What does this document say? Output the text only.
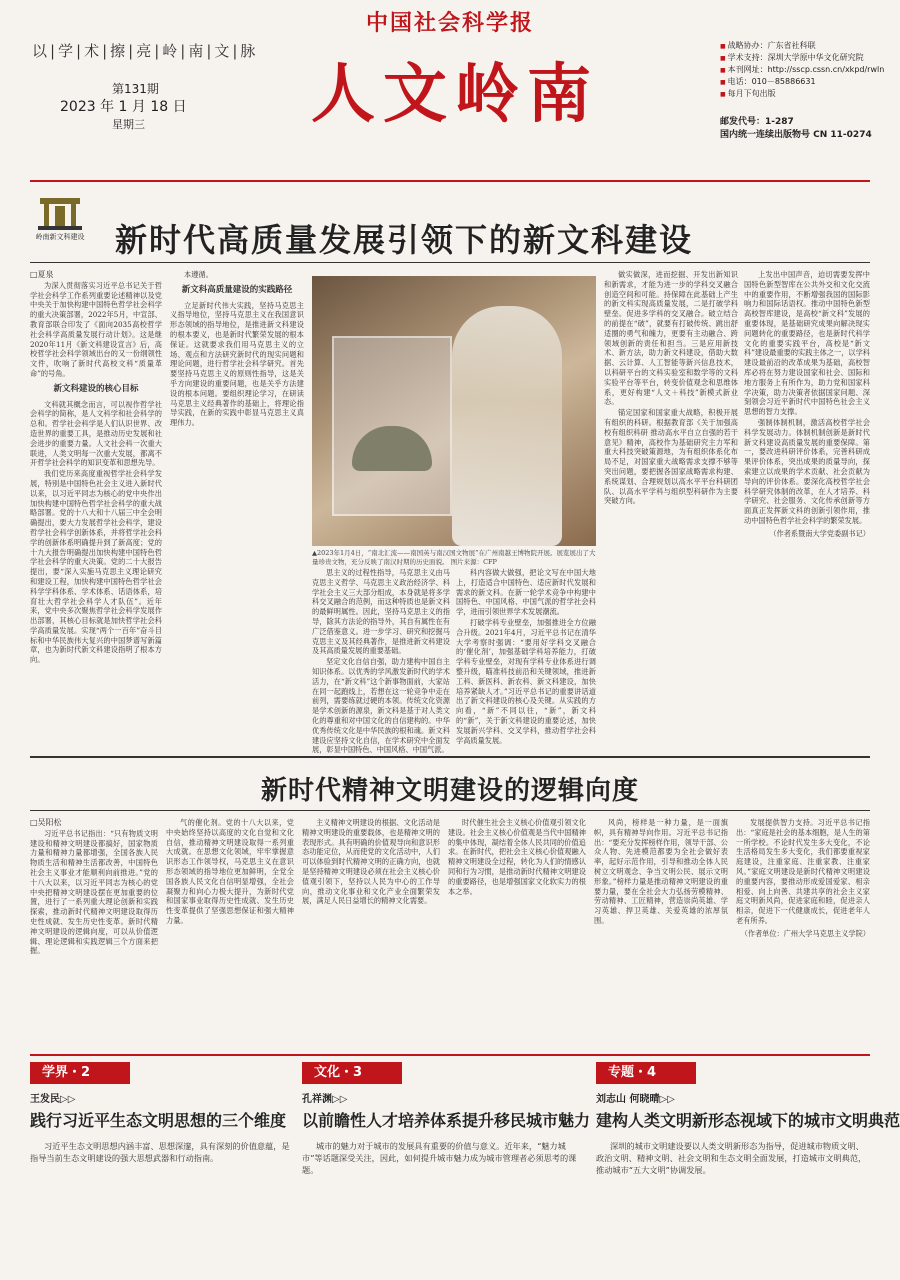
中国社会科学报
以|学|术|擦|亮|岭|南|文|脉
第131期
2023 年 1 月 18 日
星期三	人文岭南
■ 战略协办：广东省社科联
■ 学术支持：深圳大学原中华文化研究院
■ 本刊网址：http://sscp.cssn.cn/xkpd/rwln
■ 电话：010－85886631
■ 每月下旬出版
邮发代号：1-287
国内统一连续出版物号 CN 11-0274
岭南新文科建设 新时代高质量发展引领下的新文科建设

□夏泉

为深入贯彻落实习近平总书记关于哲学社会科学工作系列重要论述精神以及党中央关于加快构建中国特色哲学社会科学的重大决策部署，2022年5月，中宣部、教育部联合印发了《面向2035高校哲学社会科学高质量发展行动计划》。这是继2020年11月《新文科建设宣言》后，高校哲学社会科学领域出台的又一份纲领性文件，吹响了新时代高校文科“质量革命”的号角。

新文科建设的核心目标

文科就其概念而言，可以视作哲学社会科学的简称，是人文科学和社会科学的总和。哲学社会科学是人们认识世界、改造世界的重要工具，是推动历史发展和社会进步的重要力量。人文社会科一次重大联进，人类文明每一次重大发展，都离不开哲学社会科学的知识变革和思想先导。

我们党历来高度重视哲学社会科学发展，特别是中国特色社会主义进入新时代以来，以习近平同志为核心的党中央作出加快构建中国特色哲学社会科学的重大战略部署。党的十八大和十八届三中全会明确提出，要大力发展哲学社会科学，建设哲学社会科学创新体系，并将哲学社会科学的创新体系明确提升到了新高度；党的十九大报告明确提出加快构建中国特色哲学社会科学的重大决策。党的二十大报告提出，要“深入实施马克思主义理论研究和建设工程，加快构建中国特色哲学社会科学学科体系、学术体系、话语体系，培育壮大哲学社会科学人才队伍”。近年来，党中央多次聚焦哲学社会科学发展作出部署，其核心目标就是加快哲学社会科学高质量发展。实现“两个一百年”奋斗目标和中华民族伟大复兴的中国梦谱写新篇章，也为新时代新文科建设指明了根本方向。

本遵循。

新文科高质量建设的实践路径

立足新时代伟大实践，坚持马克思主义指导地位，坚持马克思主义在我国意识形态领域的指导地位，是推进新文科建设的根本要义，也是新时代繁荣发展的根本保证。这就要求我们用马克思主义的立场、观点和方法研究新时代的现实问题和理论问题，进行哲学社会科学研究。首先要坚持马克思主义的原则性指导，这是关乎方向建设的重要问题，也是关乎方法建设的根本问题。要组织理论学习，在研读马克思主义经典著作的基础上，将理论指导实践，在新的实践中彰显马克思主义真理伟力。

▲2023年1月4日，“南北汇流——南国英与南汉国文物展”在广州南越王博物院开展。展览展出了大量珍贵文物，充分反映了南汉时期的历史面貌。 图片来源：CFP

思主义的过程性指导，马克思主义由马克思主义哲学、马克思主义政治经济学、科学社会主义三大部分组成，本身就是将多学科交叉融合的范例，而这种特质也是新文科的最鲜明属性。因此，坚持马克思主义的指导，除其方法论的指导外，其自有属性在有广泛借鉴意义。进一步学习、研究和挖掘马克思主义及其经典著作，是推进新文科建设及其高质量发展的重要基础。

坚定文化自信自强，助力建构中国自主知识体系。以优秀的学风激发新时代的学术活力，在“新文科”这个新事物面前，大家站在同一起跑线上，若想在这一轮竞争中走在前列，需要练就过硬的本领。传统文化资源是学术创新的源泉，新文科是基于对人类文化的尊重和对中国文化的自信建构的。中华优秀传统文化是中华民族的根和魂。新文科建设应坚持文化自信，在学术研究中全面发展，彰显中国特色、中国风格、中国气派。

科内容做大做强，把论文写在中国大地上，打造适合中国特色、适应新时代发展和需求的新文科。在新一轮学术竞争中构建中国特色、中国风格、中国气派的哲学社会科学，进而引领世界学术发展潮流。

打破学科专业壁垒，加强推进全方位融合升级。2021年4月，习近平总书记在清华大学考察时强调：“要用好学科交叉融合的‘催化剂’，加强基础学科培养能力，打破学科专业壁垒，对现有学科专业体系进行调整升级，瞄准科技前沿和关键领域，推进新工科、新医科、新农科、新文科建设，加快培养紧缺人才。”习近平总书记的重要讲话道出了新文科建设的核心及关键。从实践的方向看，“新”不同以往，“新”，新文科的“新”，关于新文科建设的重要论述，加快发展新兴学科、交叉学科，推动哲学社会科学高质量发展。

做实做深，进而挖掘、开发出新知识和新需求，才能为进一步的学科交叉融合创造空间和可能。持保障在此基础上产生的新文科实现高质量发展，二是打破学科壁垒。促进多学科的交叉融合。破立结合的前提在“破”，就要有打破传统、跳出舒适圈的勇气和魄力，更要有主动融合、跨领域创新的责任和担当。三是应用新技术、新方法，助力新文科建设，借助大数据、云计算、人工智能等新兴信息技术，以科研平台的文科实验室和数学等的文科实验平台等平台，转变价值观念和思维体系，更好构建“人文＋科技”新模式新业态。

锚定国家和国家重大战略，积极开展有组织的科研。根据教育部《关于加强高校有组织科研 推动高水平自立自强的若干意见》精神，高校作为基础研究主力军和重大科技突破策源地，为有组织体系化布局不足，对国家重大战略需求支撑不够等突出问题，要把握各国家战略需求构建、系统谋划、合理规划以高水平平台科研团队、以高水平学科与组织型科研作为主要突破方向。

上发出中国声音，迫切需要发挥中国特色新型智库在公共外交和文化交流中的重要作用，不断增强我国的国际影响力和国际话语权。推动中国特色新型高校智库建设，是高校“新文科”发展的重要体现，是基础研究成果向解决现实问题转化的重要路径，也是新时代科学文化的重要实践平台，高校是“新文科”建设最重要的实践主体之一，以学科建设最前沿的改革成果为基础，高校智库必将在努力建设国家和社会、国际和地方服务上有所作为，助力党和国家科学决策，助力决策者依据国家问题、深刻领会习近平新时代中国特色社会主义思想的智力支撑。

强制体制机制，激活高校哲学社会科学发展动力。体制机制创新是新时代新文科建设高质量发展的重要保障。第一，要改进科研评价体系，完善科研成果评价体系，突出成果的质量导向，探索建立以成果的学术贡献、社会贡献为导向的评价体系。要深化高校哲学社会科学研究体制的改革，在人才培养、科学研究、社会服务、文化传承创新等方面真正发挥新文科的创新引领作用，推动中国特色哲学社会科学的繁荣发展。

（作者系暨南大学党委副书记）

新时代精神文明建设的逻辑向度

□吴阳松

习近平总书记指出：“只有物质文明建设和精神文明建设都搞好，国家物质力量和精神力量都增强，全国各族人民物质生活和精神生活都改善，中国特色社会主义事业才能顺利向前推进。”党的十八大以来，以习近平同志为核心的党中央把精神文明建设摆在更加重要的位置，进行了一系列重大理论创新和实践探索，推动新时代精神文明建设取得历史性成就、发生历史性变革。新时代精神文明建设的逻辑向度，可以从价值逻辑、理论逻辑和实践逻辑三个方面来把握。

气的催化剂。党的十八大以来，党中央始终坚持以高度的文化自觉和文化自信，推动精神文明建设取得一系列重大成就。在思想文化领域，牢牢掌握意识形态工作领导权，马克思主义在意识形态领域的指导地位更加鲜明，全党全国各族人民文化自信明显增强，全社会凝聚力和向心力极大提升，为新时代党和国家事业取得历史性成就、发生历史性变革提供了坚强思想保证和强大精神力量。

主义精神文明建设的根据、文化活动是精神文明建设的重要载体，也是精神文明的表现形式。具有明确的价值观导向和意识形态功能定位，从而使党的文化活动中，人们可以体验到时代精神文明的正确方向，也就是坚持精神文明建设必须在社会主义核心价值观引领下，坚持以人民为中心的工作导向，推动文化事业和文化产业全面繁荣发展，满足人民日益增长的精神文化需要。

时代催生社会主义核心价值观引领文化建设。社会主义核心价值观是当代中国精神的集中体现，凝结着全体人民共同的价值追求。在新时代，把社会主义核心价值观融入精神文明建设全过程，转化为人们的情感认同和行为习惯，是推动新时代精神文明建设的重要路径，也是增强国家文化软实力的根本之举。

风尚，榜样是一种力量，是一面旗帜，具有精神导向作用。习近平总书记指出：“要充分发挥榜样作用，领导干部、公众人物、先进模范都要为全社会做好表率，起好示范作用，引导和推动全体人民树立文明观念、争当文明公民、展示文明形象。”榜样力量是推动精神文明建设的重要力量，要在全社会大力弘扬劳模精神、劳动精神、工匠精神，营造崇尚英雄、学习英雄、捍卫英雄、关爱英雄的浓厚氛围。

发展提供智力支持。习近平总书记指出：“家庭是社会的基本细胞，是人生的第一所学校。不论时代发生多大变化，不论生活格局发生多大变化，我们都要重视家庭建设，注重家庭、注重家教、注重家风。”家庭文明建设是新时代精神文明建设的重要内容，要推动形成爱国爱家、相亲相爱、向上向善、共建共享的社会主义家庭文明新风尚，促进家庭和睦，促进亲人相亲，促进下一代健康成长，促进老年人老有所养。

（作者单位：广州大学马克思主义学院）

学界・2
王发民▷▷
践行习近平生态文明思想的三个维度
习近平生态文明思想内涵丰富、思想深邃，具有深刻的价值意蕴，是指导当前生态文明建设的强大思想武器和行动指南。
文化・3
孔祥渊▷▷
以前瞻性人才培养体系提升移民城市魅力
城市的魅力对于城市的发展具有重要的价值与意义。近年来，“魅力城市”等话题深受关注，因此，如何提升城市魅力成为城市管理者必须思考的课题。
专题・4
刘志山 何晓晴▷▷
建构人类文明新形态视域下的城市文明典范
深圳的城市文明建设要以人类文明新形态为指导，促进城市物质文明、政治文明、精神文明、社会文明和生态文明全面发展，打造城市文明典范，推动城市“五大文明”协调发展。
